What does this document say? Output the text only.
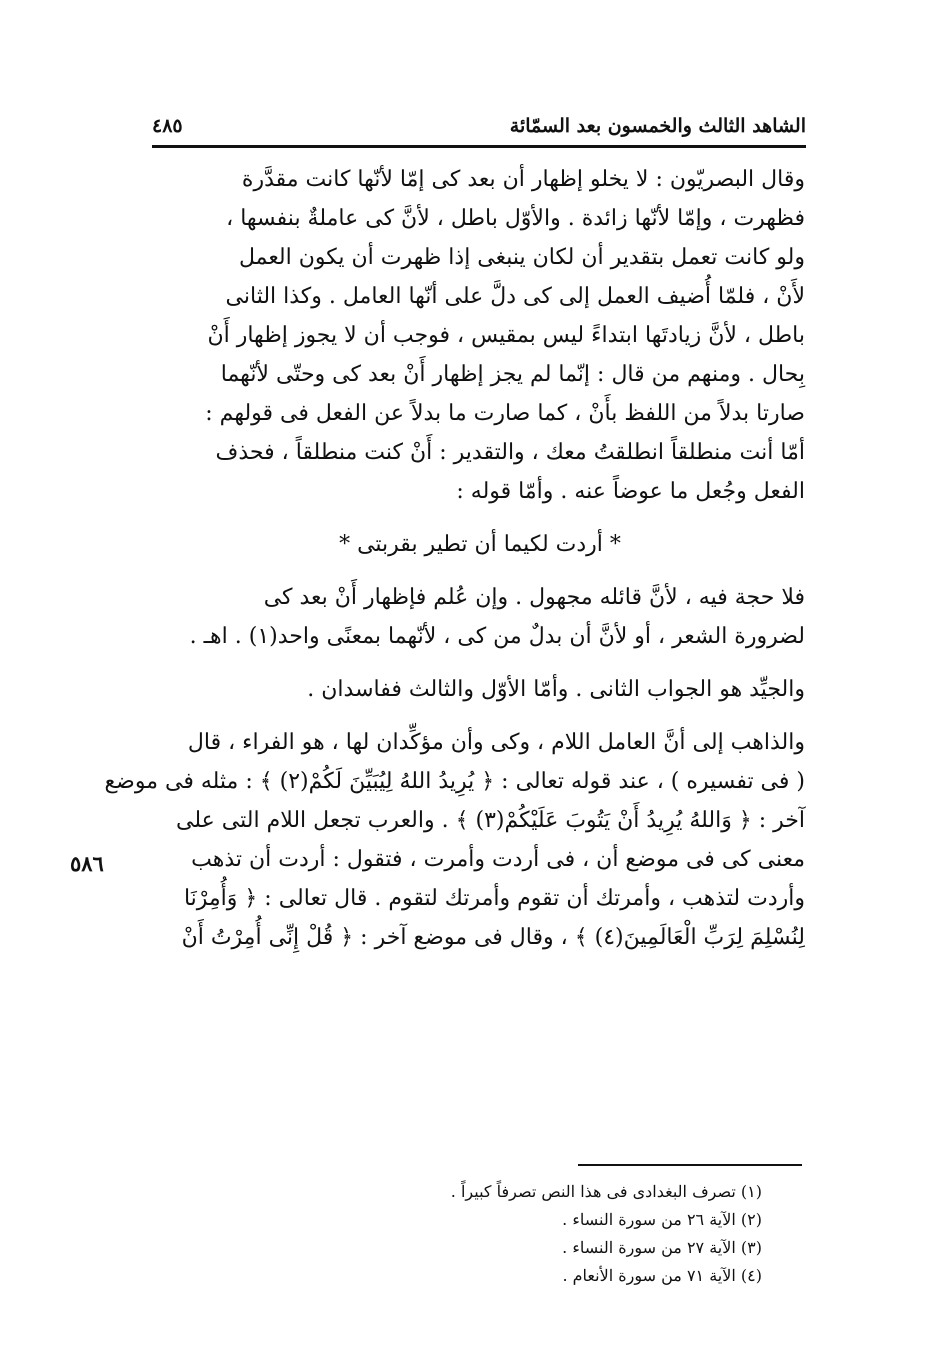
الشاهد الثالث والخمسون بعد السمّائة
٤٨٥
٥٨٦
وقال البصريّون : لا يخلو إظهار أن بعد كى إمّا لأنّها كانت مقدَّرة
فظهرت ، وإمّا لأنّها زائدة . والأوّل باطل ، لأنَّ كى عاملةٌ بنفسها ،
ولو كانت تعمل بتقدير أن لكان ينبغى إذا ظهرت أن يكون العمل
لأَنْ ، فلمّا أُضيف العمل إلى كى دلَّ على أنّها العامل . وكذا الثانى
باطل ، لأنَّ زيادتَها ابتداءً ليس بمقيس ، فوجب أن لا يجوز إظهار أَنْ
بِحال . ومنهم من قال : إنّما لم يجز إظهار أَنْ بعد كى وحتّى لأنّهما
صارتا بدلاً من اللفظ بأَنْ ، كما صارت ما بدلاً عن الفعل فى قولهم :
أمّا أنت منطلقاً انطلقتُ معك ، والتقدير : أَنْ كنت منطلقاً ، فحذف
الفعل وجُعل ما عوضاً عنه . وأمّا قوله :
* أردت لكيما أن تطير بقربتى *
فلا حجة فيه ، لأنَّ قائله مجهول . وإن عُلم فإظهار أَنْ بعد كى
لضرورة الشعر ، أو لأنَّ أن بدلٌ من كى ، لأنّهما بمعنًى واحد(١) . اهـ .
والجيِّد هو الجواب الثانى . وأمّا الأوّل والثالث ففاسدان .
والذاهب إلى أنَّ العامل اللام ، وكى وأن مؤكِّدان لها ، هو الفراء ، قال
( فى تفسيره ) ، عند قوله تعالى : ﴿ يُرِيدُ اللهُ لِيُبَيِّنَ لَكُمْ(٢) ﴾ : مثله فى موضع
آخر : ﴿ وَاللهُ يُرِيدُ أَنْ يَتُوبَ عَلَيْكُمْ(٣) ﴾ . والعرب تجعل اللام التى على
معنى كى فى موضع أن ، فى أردت وأمرت ، فتقول : أردت أن تذهب
وأردت لتذهب ، وأمرتك أن تقوم وأمرتك لتقوم . قال تعالى : ﴿ وَأُمِرْنَا
لِنُسْلِمَ لِرَبِّ الْعَالَمِينَ(٤) ﴾ ، وقال فى موضع آخر : ﴿ قُلْ إِنِّى أُمِرْتُ أَنْ
(١) تصرف البغدادى فى هذا النص تصرفاً كبيراً .
(٢) الآية ٢٦ من سورة النساء .
(٣) الآية ٢٧ من سورة النساء .
(٤) الآية ٧١ من سورة الأنعام .
